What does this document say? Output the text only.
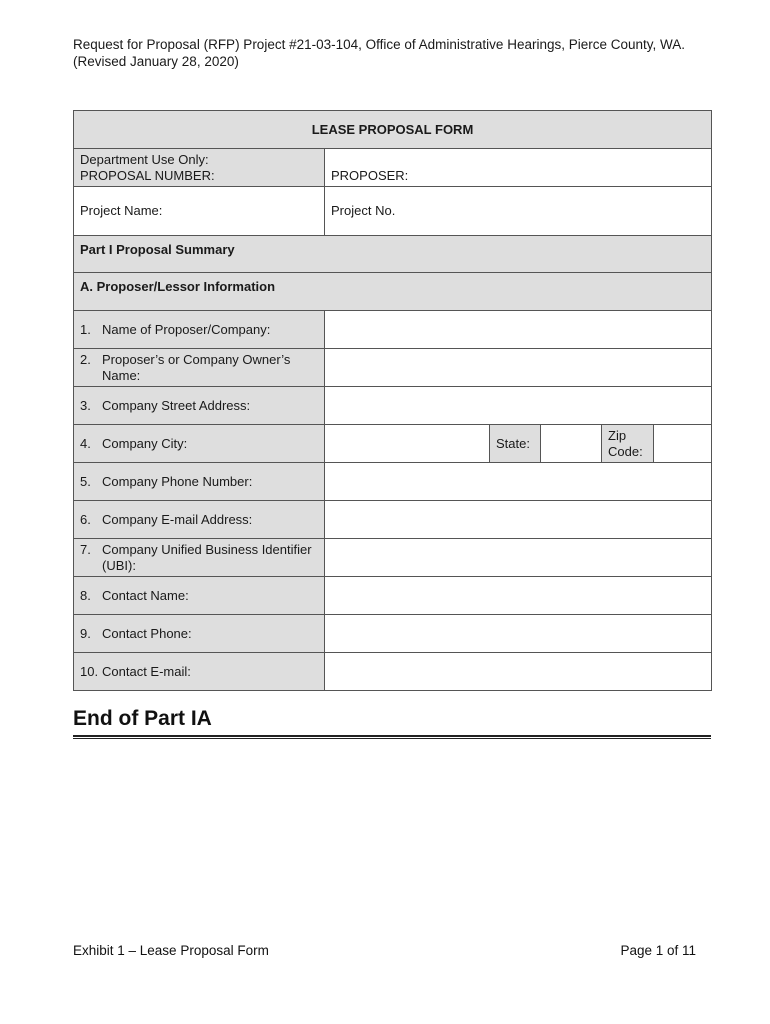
Request for Proposal (RFP) Project #21-03-104, Office of Administrative Hearings, Pierce County, WA. (Revised January 28, 2020)
LEASE PROPOSAL FORM					

Department Use Only:
PROPOSAL NUMBER:	PROPOSER:				
Project Name:	Project No.				
Part I Proposal Summary					
A. Proposer/Lessor Information					
1. Name of Proposer/Company:					

2. Proposer’s or Company Owner’s Name:					

3. Company Street Address:					
4. Company City:		State:		Zip
Code:	

5. Company Phone Number:					
6. Company E-mail Address:					

7. Company Unified Business Identifier (UBI):					

8. Contact Name:					
9. Contact Phone:					
10. Contact E-mail:					
End of Part IA
Exhibit 1 – Lease Proposal Form	Page 1 of 11
